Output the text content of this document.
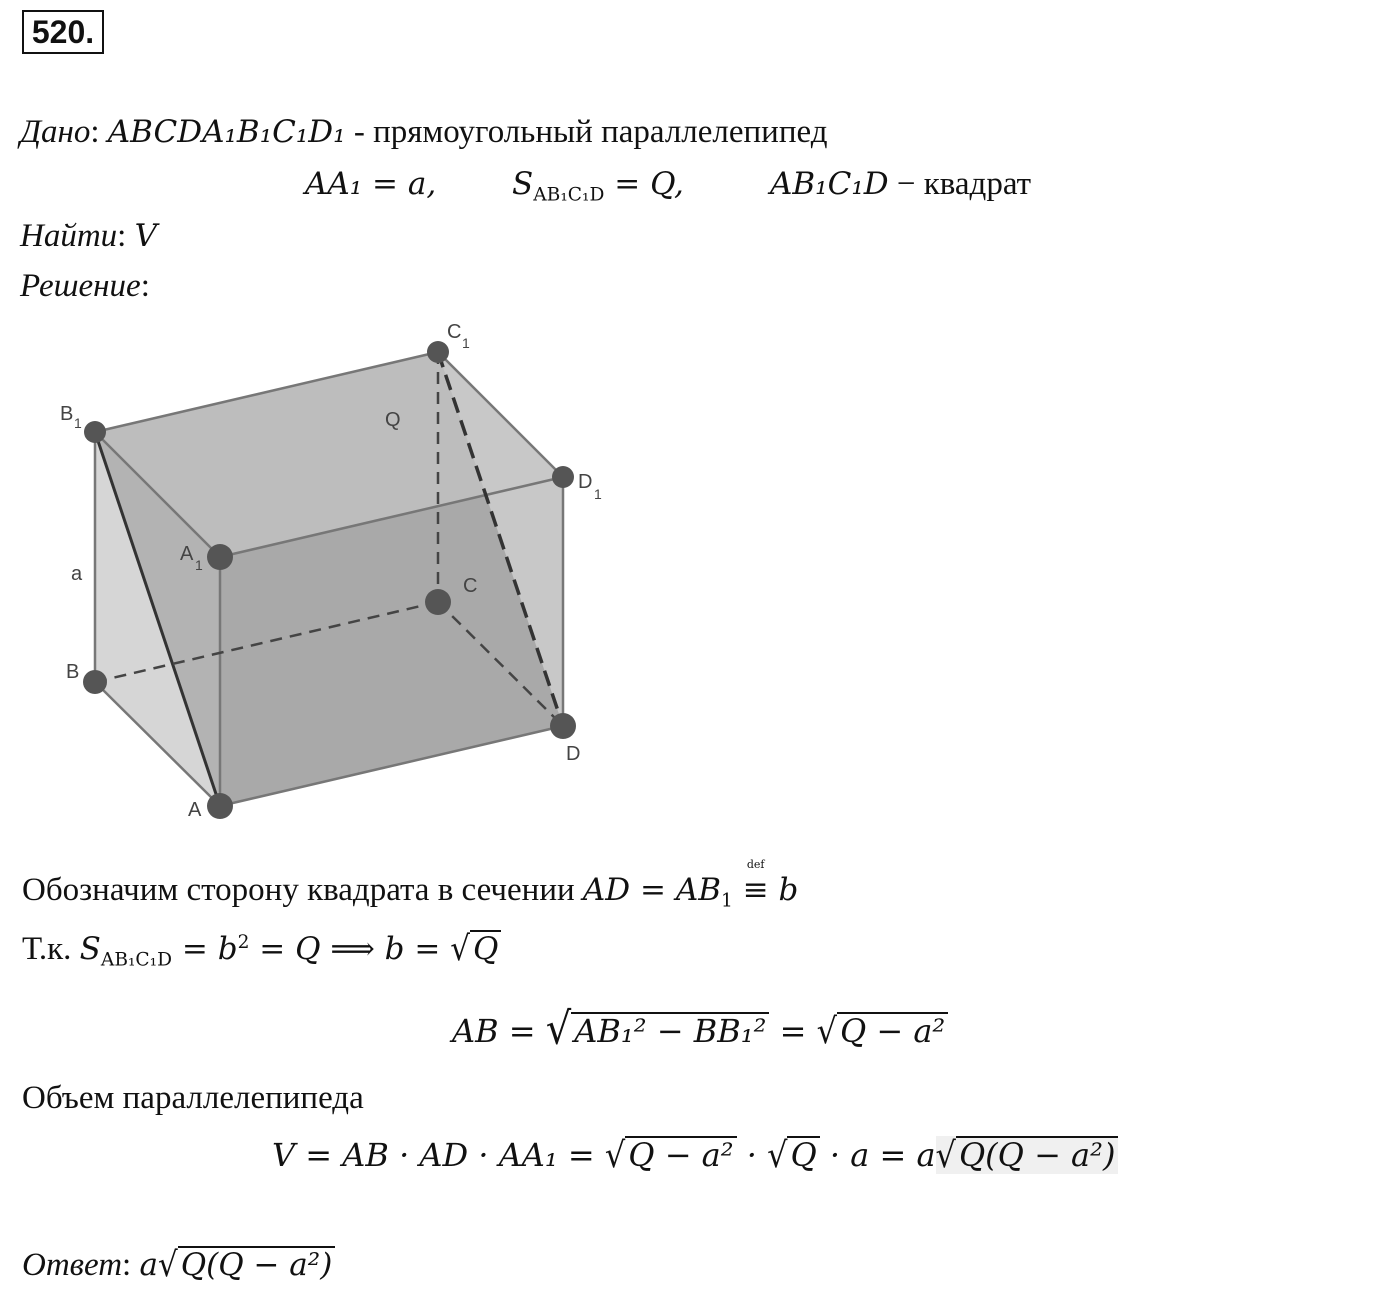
520.
Дано: ABCDA₁B₁C₁D₁ - прямоугольный параллелепипед
AA₁ = a, $S_{AB_1C_1D} = Q$,	AB₁C₁D − квадрат
Найти: V
Решение:
B 1
C 1
D
1
A 1
C
B
D
A
a
Q
Обозначим сторону квадрата в сечении AD = $AB_1$
def
≡ b
Т.к. $S_{AB_1C_1D} = b^2 = Q$ ⟹ b = √Q
AB = √AB₁² − BB₁² = √Q − a²
Объем параллелепипеда
V = AB · AD · AA₁ = √Q − a² · √Q · a = a√Q(Q − a²)
Ответ: a√Q(Q − a²)
